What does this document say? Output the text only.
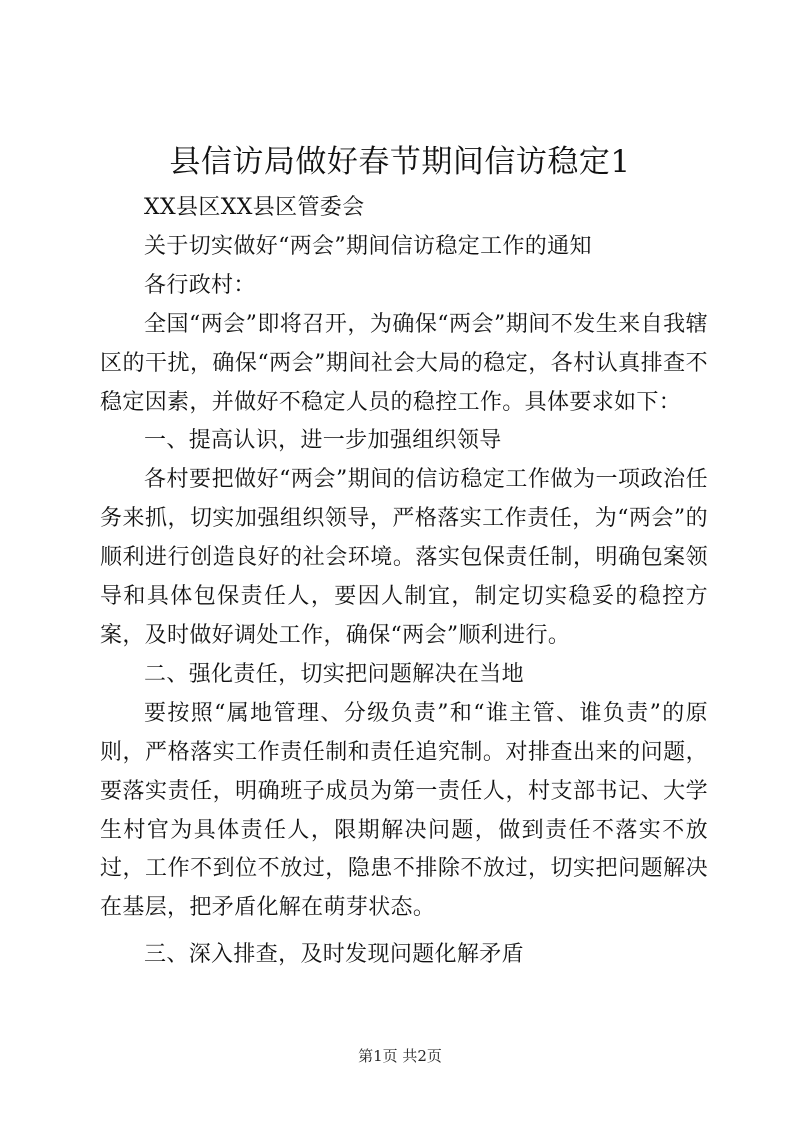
县信访局做好春节期间信访稳定1

XX县区XX县区管委会

关于切实做好“两会”期间信访稳定工作的通知

各行政村：

全国“两会”即将召开，为确保“两会”期间不发生来自我辖区的干扰，确保“两会”期间社会大局的稳定，各村认真排查不稳定因素，并做好不稳定人员的稳控工作。具体要求如下：

一、提高认识，进一步加强组织领导

各村要把做好“两会”期间的信访稳定工作做为一项政治任务来抓，切实加强组织领导，严格落实工作责任，为“两会”的顺利进行创造良好的社会环境。落实包保责任制，明确包案领导和具体包保责任人，要因人制宜，制定切实稳妥的稳控方案，及时做好调处工作，确保“两会”顺利进行。

二、强化责任，切实把问题解决在当地

要按照“属地管理、分级负责”和“谁主管、谁负责”的原则，严格落实工作责任制和责任追究制。对排查出来的问题，要落实责任，明确班子成员为第一责任人，村支部书记、大学生村官为具体责任人，限期解决问题，做到责任不落实不放过，工作不到位不放过，隐患不排除不放过，切实把问题解决在基层，把矛盾化解在萌芽状态。

三、深入排查，及时发现问题化解矛盾

第1页 共2页
